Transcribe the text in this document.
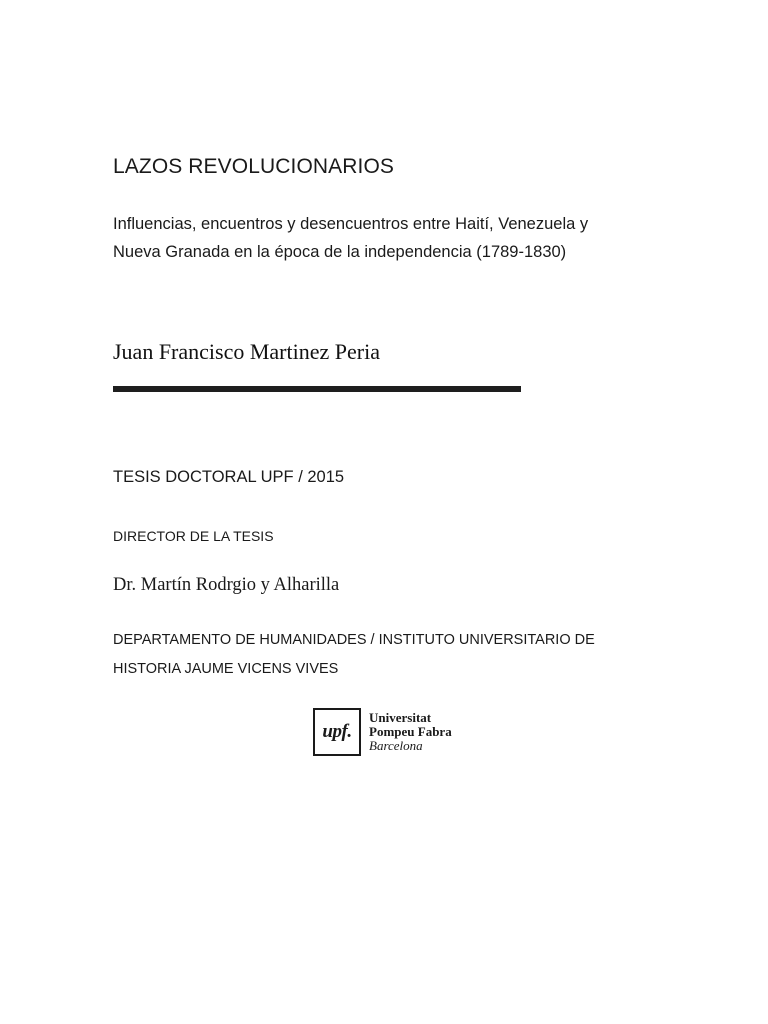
LAZOS REVOLUCIONARIOS
Influencias, encuentros y desencuentros entre Haití, Venezuela y
Nueva Granada en la época de la independencia (1789-1830)
Juan Francisco Martinez Peria
TESIS DOCTORAL UPF / 2015
DIRECTOR DE LA TESIS
Dr. Martín Rodrgio y Alharilla
DEPARTAMENTO DE HUMANIDADES / INSTITUTO UNIVERSITARIO DE
HISTORIA JAUME VICENS VIVES
upf.
Universitat
Pompeu Fabra
Barcelona
